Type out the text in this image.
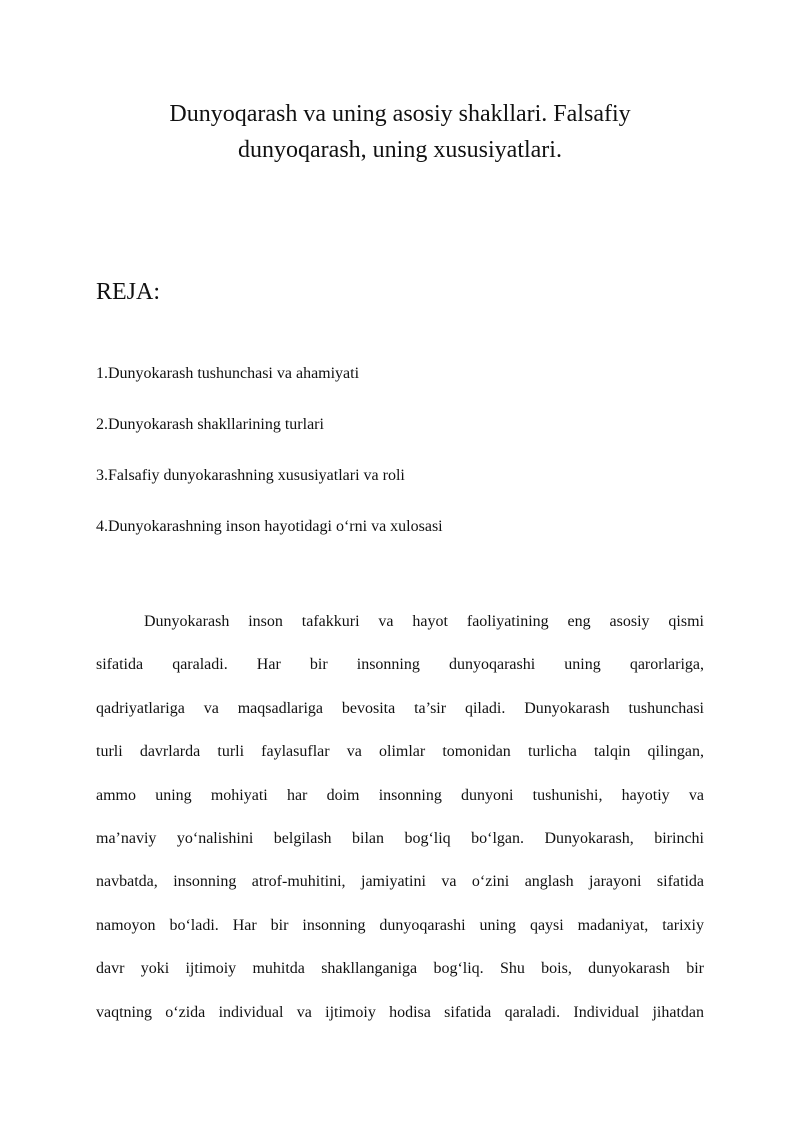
Dunyoqarash va uning asosiy shakllari. Falsafiy
dunyoqarash, uning xususiyatlari.
REJA:
1.Dunyokarash tushunchasi va ahamiyati
2.Dunyokarash shakllarining turlari
3.Falsafiy dunyokarashning xususiyatlari va roli
4.Dunyokarashning inson hayotidagi o‘rni va xulosasi
Dunyokarash inson tafakkuri va hayot faoliyatining eng asosiy qismi
sifatida qaraladi. Har bir insonning dunyoqarashi uning qarorlariga,
qadriyatlariga va maqsadlariga bevosita ta’sir qiladi. Dunyokarash tushunchasi
turli davrlarda turli faylasuflar va olimlar tomonidan turlicha talqin qilingan,
ammo uning mohiyati har doim insonning dunyoni tushunishi, hayotiy va
ma’naviy yo‘nalishini belgilash bilan bog‘liq bo‘lgan. Dunyokarash, birinchi
navbatda, insonning atrof-muhitini, jamiyatini va o‘zini anglash jarayoni sifatida
namoyon bo‘ladi. Har bir insonning dunyoqarashi uning qaysi madaniyat, tarixiy
davr yoki ijtimoiy muhitda shakllanganiga bog‘liq. Shu bois, dunyokarash bir
vaqtning o‘zida individual va ijtimoiy hodisa sifatida qaraladi. Individual jihatdan
